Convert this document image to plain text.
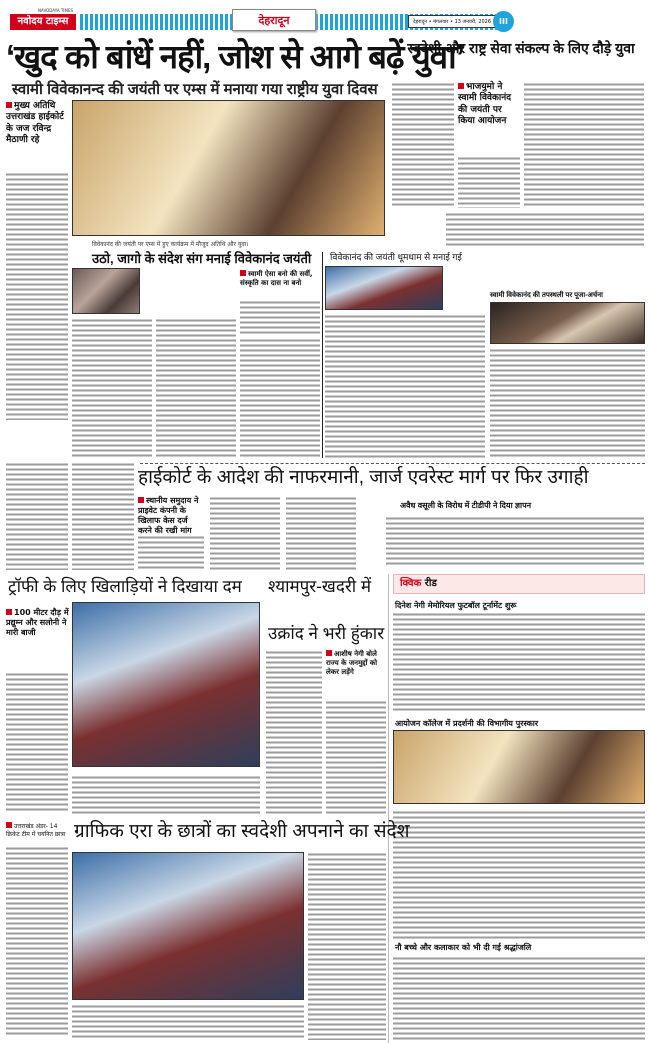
NAVODAYA TIMES
नवोदय टाइम्स	देहरादून	देहरादून • मंगलवार • 13 जनवरी, 2026 III
‘खुद को बांधें नहीं, जोश से आगे बढ़ें युवा’
स्वामी विवेकानन्द की जयंती पर एम्स में मनाया गया राष्ट्रीय युवा दिवस
मुख्य अतिथि उत्तराखंड हाईकोर्ट के जज रविन्द्र मैठाणी रहे
विवेकानंद की जयंती पर एम्स में हुए कार्यक्रम में मौजूद अतिथि और युवा।
स्वदेशी और राष्ट्र सेवा संकल्प के लिए दौड़े युवा
भाजयुमो ने स्वामी विवेकानंद की जयंती पर किया आयोजन
उठो, जागो के संदेश संग मनाई विवेकानंद जयंती
स्वामी ऐसा बनो की सर्वी, संस्कृति का दास ना बनो
विवेकानंद की जयंती धूमधाम से मनाई गई
स्वामी विवेकानंद की तपस्थली पर पूजा-अर्चना
हाईकोर्ट के आदेश की नाफरमानी, जार्ज एवरेस्ट मार्ग पर फिर उगाही
स्थानीय समुदाय ने प्राइवेट कंपनी के खिलाफ केस दर्ज करने की रखी मांग
अवैध वसूली के विरोध में टीडीपी ने दिया ज्ञापन
ट्रॉफी के लिए खिलाड़ियों ने दिखाया दम
100 मीटर दौड़ में प्रद्युम्न और सलोनी ने मारी बाजी
उत्तराखंड अंडर- 14 क्रिकेट टीम में चयनित छात्रा
श्यामपुर-खदरी में
उक्रांद ने भरी हुंकार
आशीष नेगी बोले राज्य के जनमुद्दों को लेकर लड़ेंगे
क्विक रीड
दिनेश नेगी मेमोरियल फुटबॉल टूर्नामेंट शुरू
आयोजन कॉलेज में प्रदर्शनी की विभागीय पुरस्कार
नौ बच्चे और कलाकार को भी दी गई श्रद्धांजलि
ग्राफिक एरा के छात्रों का स्वदेशी अपनाने का संदेश
